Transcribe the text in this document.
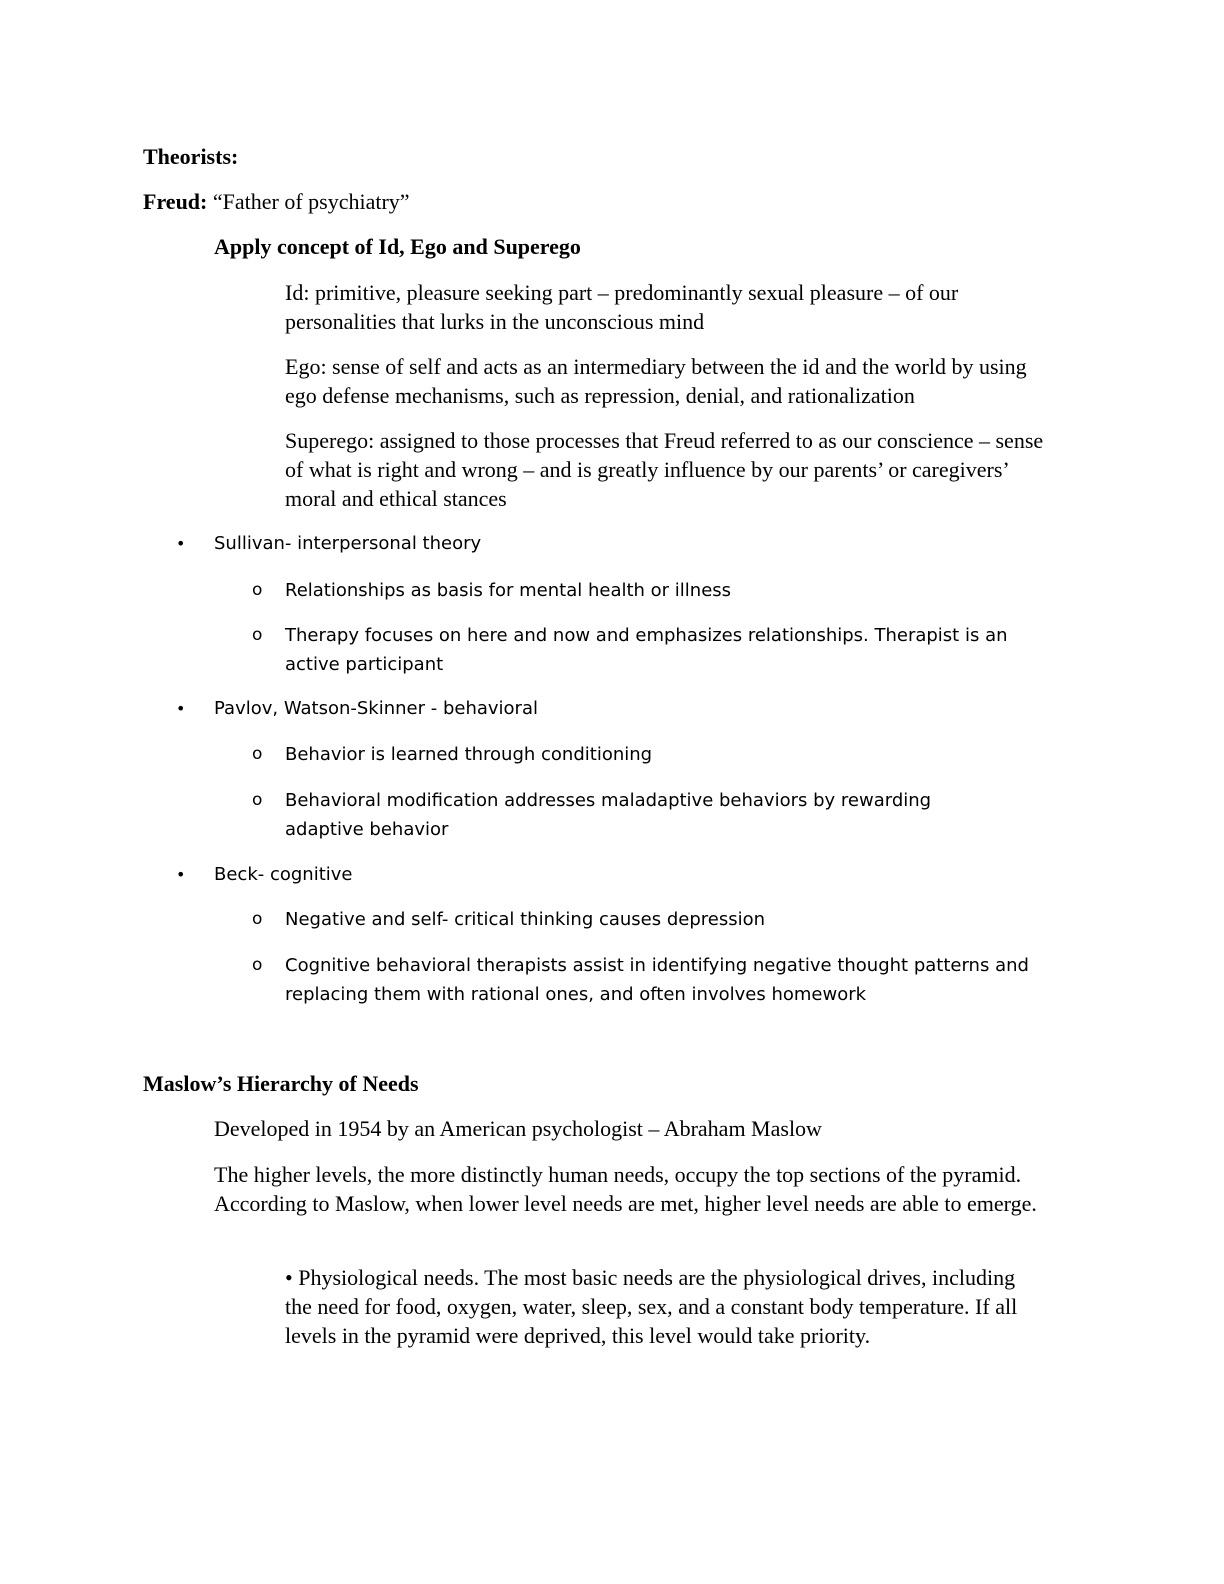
Theorists:

Freud: “Father of psychiatry”

Apply concept of Id, Ego and Superego

Id: primitive, pleasure seeking part – predominantly sexual pleasure – of our personalities that lurks in the unconscious mind

Ego: sense of self and acts as an intermediary between the id and the world by using ego defense mechanisms, such as repression, denial, and rationalization

Superego: assigned to those processes that Freud referred to as our conscience – sense of what is right and wrong – and is greatly influence by our parents’ or caregivers’ moral and ethical stances

• Sullivan- interpersonal theory

o Relationships as basis for mental health or illness

o Therapy focuses on here and now and emphasizes relationships. Therapist is an active participant

• Pavlov, Watson-Skinner - behavioral

o Behavior is learned through conditioning

o Behavioral modification addresses maladaptive behaviors by rewarding adaptive behavior

• Beck- cognitive

o Negative and self- critical thinking causes depression

o Cognitive behavioral therapists assist in identifying negative thought patterns and replacing them with rational ones, and often involves homework

Maslow’s Hierarchy of Needs

Developed in 1954 by an American psychologist – Abraham Maslow

The higher levels, the more distinctly human needs, occupy the top sections of the pyramid. According to Maslow, when lower level needs are met, higher level needs are able to emerge.

• Physiological needs. The most basic needs are the physiological drives, including the need for food, oxygen, water, sleep, sex, and a constant body temperature. If all levels in the pyramid were deprived, this level would take priority.
